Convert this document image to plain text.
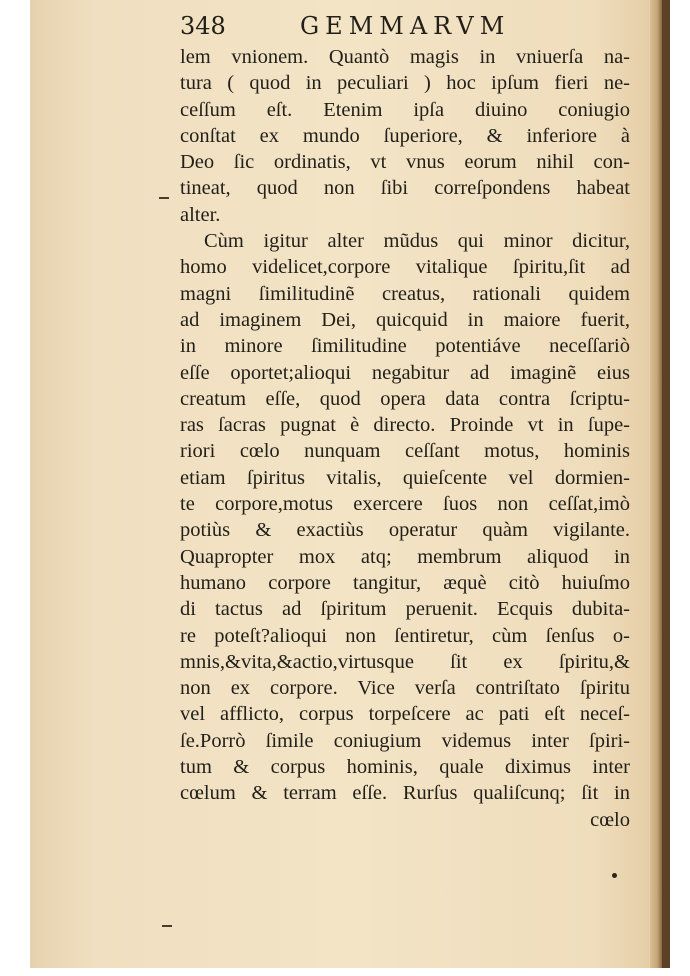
348	GEMMARVM
lem vnionem. Quantò magis in vniuerſa na-
tura ( quod in peculiari ) hoc ipſum fieri ne-
ceſſum eſt. Etenim ipſa diuino coniugio
conſtat ex mundo ſuperiore, & inferiore à
Deo ſic ordinatis, vt vnus eorum nihil con-
tineat, quod non ſibi correſpondens habeat
alter.
Cùm igitur alter mũdus qui minor dicitur,
homo videlicet,corpore vitalique ſpiritu,ſit ad
magni ſimilitudinẽ creatus, rationali quidem
ad imaginem Dei, quicquid in maiore fuerit,
in minore ſimilitudine potentiáve neceſſariò
eſſe oportet;alioqui negabitur ad imaginẽ eius
creatum eſſe, quod opera data contra ſcriptu-
ras ſacras pugnat è directo. Proinde vt in ſupe-
riori cœlo nunquam ceſſant motus, hominis
etiam ſpiritus vitalis, quieſcente vel dormien-
te corpore,motus exercere ſuos non ceſſat,imò
potiùs & exactiùs operatur quàm vigilante.
Quapropter mox atq; membrum aliquod in
humano corpore tangitur, æquè citò huiuſmo
di tactus ad ſpiritum peruenit. Ecquis dubita-
re poteſt?alioqui non ſentiretur, cùm ſenſus o-
mnis,&vita,&actio,virtusque ſit ex ſpiritu,&
non ex corpore. Vice verſa contriſtato ſpiritu
vel afflicto, corpus torpeſcere ac pati eſt neceſ-
ſe.Porrò ſimile coniugium videmus inter ſpiri-
tum & corpus hominis, quale diximus inter
cœlum & terram eſſe. Rurſus qualiſcunq; ſit in
cœlo
